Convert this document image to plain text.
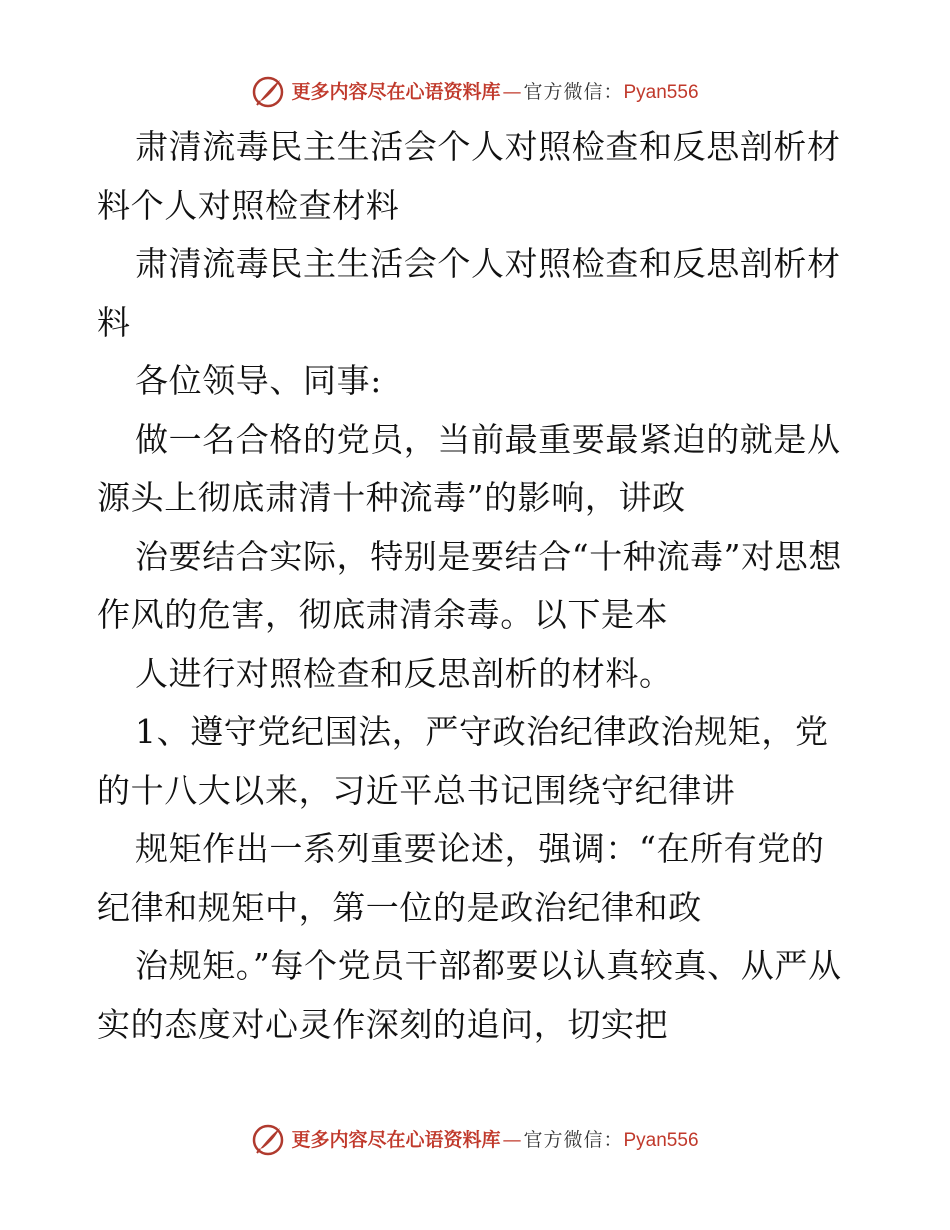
更多内容尽在心语资料库 — 官方微信： Pyan556

肃清流毒民主生活会个人对照检查和反思剖析材料个人对照检查材料

肃清流毒民主生活会个人对照检查和反思剖析材料

各位领导、同事:

做一名合格的党员，当前最重要最紧迫的就是从源头上彻底肃清十种流毒”的影响，讲政

治要结合实际，特别是要结合“十种流毒”对思想作风的危害，彻底肃清余毒。以下是本

人进行对照检查和反思剖析的材料。

1、遵守党纪国法，严守政治纪律政治规矩，党的十八大以来，习近平总书记围绕守纪律讲

规矩作出一系列重要论述，强调：“在所有党的纪律和规矩中，第一位的是政治纪律和政

治规矩。”每个党员干部都要以认真较真、从严从实的态度对心灵作深刻的追问，切实把

更多内容尽在心语资料库 — 官方微信： Pyan556
